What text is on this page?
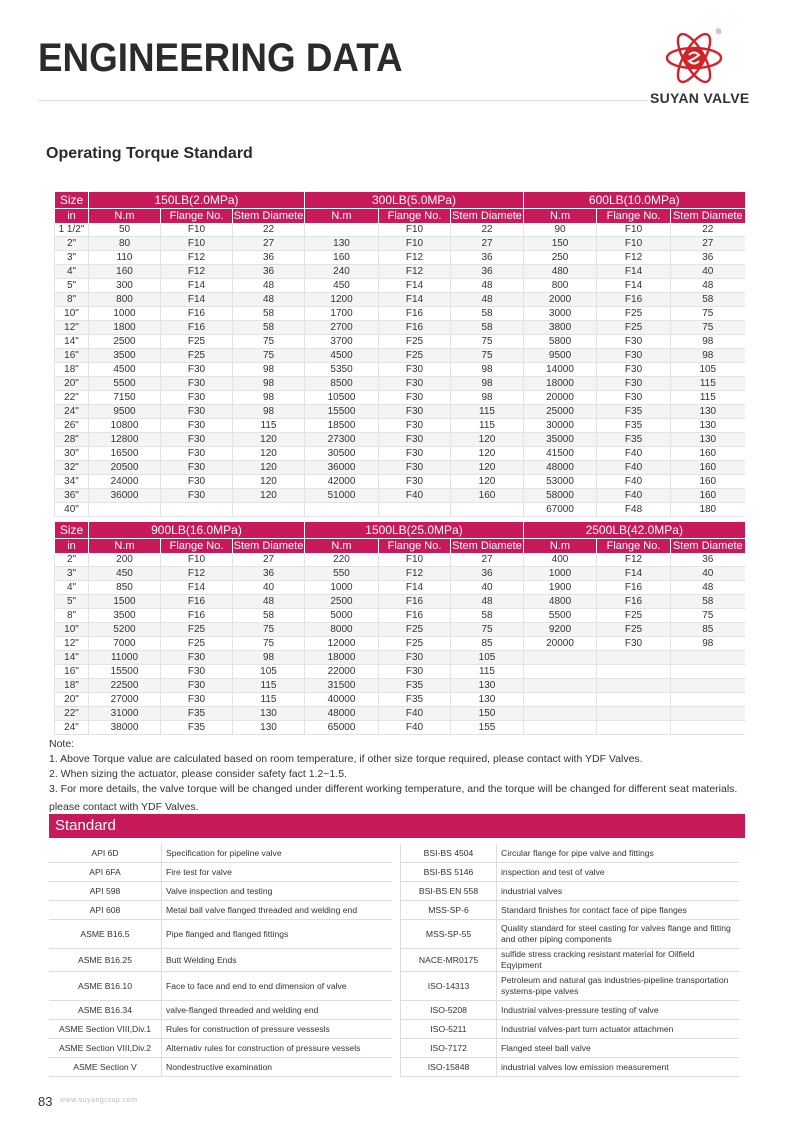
ENGINEERING DATA
®
SUYAN VALVE
Operating Torque Standard
Size	150LB(2.0MPa)			300LB(5.0MPa)			600LB(10.0MPa)		
in	N.m	Flange No.	Stem Diamete	N.m	Flange No.	Stem Diamete	N.m	Flange No.	Stem Diamete
1 1/2"	50	F10	22		F10	22	90	F10	22
2"	80	F10	27	130	F10	27	150	F10	27
3"	110	F12	36	160	F12	36	250	F12	36
4"	160	F12	36	240	F12	36	480	F14	40
5"	300	F14	48	450	F14	48	800	F14	48
8"	800	F14	48	1200	F14	48	2000	F16	58
10"	1000	F16	58	1700	F16	58	3000	F25	75
12"	1800	F16	58	2700	F16	58	3800	F25	75
14"	2500	F25	75	3700	F25	75	5800	F30	98
16"	3500	F25	75	4500	F25	75	9500	F30	98
18"	4500	F30	98	5350	F30	98	14000	F30	105
20"	5500	F30	98	8500	F30	98	18000	F30	115
22"	7150	F30	98	10500	F30	98	20000	F30	115
24"	9500	F30	98	15500	F30	115	25000	F35	130
26"	10800	F30	115	18500	F30	115	30000	F35	130
28"	12800	F30	120	27300	F30	120	35000	F35	130
30"	16500	F30	120	30500	F30	120	41500	F40	160
32"	20500	F30	120	36000	F30	120	48000	F40	160
34"	24000	F30	120	42000	F30	120	53000	F40	160
36"	36000	F30	120	51000	F40	160	58000	F40	160
40"							67000	F48	180
Size	900LB(16.0MPa)			1500LB(25.0MPa)			2500LB(42.0MPa)		
in	N.m	Flange No.	Stem Diamete	N.m	Flange No.	Stem Diamete	N.m	Flange No.	Stem Diamete
2"	200	F10	27	220	F10	27	400	F12	36
3"	450	F12	36	550	F12	36	1000	F14	40
4"	850	F14	40	1000	F14	40	1900	F16	48
5"	1500	F16	48	2500	F16	48	4800	F16	58
8"	3500	F16	58	5000	F16	58	5500	F25	75
10"	5200	F25	75	8000	F25	75	9200	F25	85
12"	7000	F25	75	12000	F25	85	20000	F30	98
14"	11000	F30	98	18000	F30	105			
16"	15500	F30	105	22000	F30	115			
18"	22500	F30	115	31500	F35	130			
20"	27000	F30	115	40000	F35	130			
22"	31000	F35	130	48000	F40	150			
24"	38000	F35	130	65000	F40	155			
Note:
1. Above Torque value are calculated based on room temperature, if other size torque required, please contact with YDF Valves.
2. When sizing the actuator, please consider safety fact 1.2~1.5.
3. For more details, the valve torque will be changed under different working temperature, and the torque will be changed for different seat materials.
please contact with YDF Valves.
Standard
API 6D	Specification for pipeline valve		BSI-BS 4504	Circular flange for pipe valve and fittings
API 6FA	Fire test for valve		BSI-BS 5146	inspection and test of valve
API 598	Valve inspection and testing		BSI-BS EN 558	industrial valves
API 608	Metal ball valve flanged threaded and welding end		MSS-SP-6	Standard finishes for contact face of pipe flanges
ASME B16.5	Pipe flanged and flanged fittings		MSS-SP-55	Quality standard for steel casting for valves flange and fitting and other piping components
ASME B16.25	Butt Welding Ends		NACE-MR0175	sulfide stress cracking resistant material for Oilfield Eqyipment
ASME B16.10	Face to face and end to end dimension of valve		ISO-14313	Petroleum and natural gas industries-pipeline transportation systems-pipe valves
ASME B16.34	valve-flanged threaded and welding end		ISO-5208	Industrial valves-pressure testing of valve
ASME Section VIII,Div.1	Rules for construction of pressure vessesls		ISO-5211	Industrial valves-part turn actuator attachmen
ASME Section VIII,Div.2	Alternativ rules for construction of pressure vessels		ISO-7172	Flanged steel ball valve
ASME Section V	Nondestructive examination		ISO-15848	industrial valves low emission measurement
83 www.suyangroup.com
